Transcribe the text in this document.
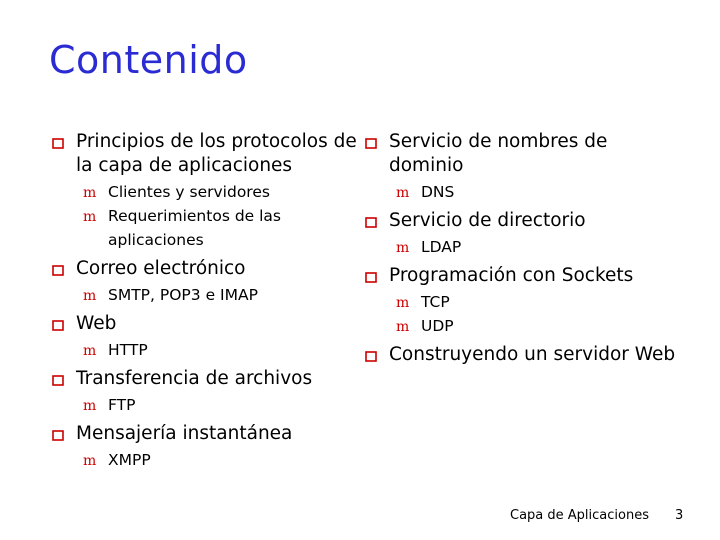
Contenido
Principios de los protocolos de la capa de aplicaciones
m Clientes y servidores
m Requerimientos de las aplicaciones
Correo electrónico
m SMTP, POP3 e IMAP
Web
m HTTP
Transferencia de archivos
m FTP
Mensajería instantánea
m XMPP
Servicio de nombres de dominio
m DNS
Servicio de directorio
m LDAP
Programación con Sockets
m TCP
m UDP
Construyendo un servidor Web
Capa de Aplicaciones 3
